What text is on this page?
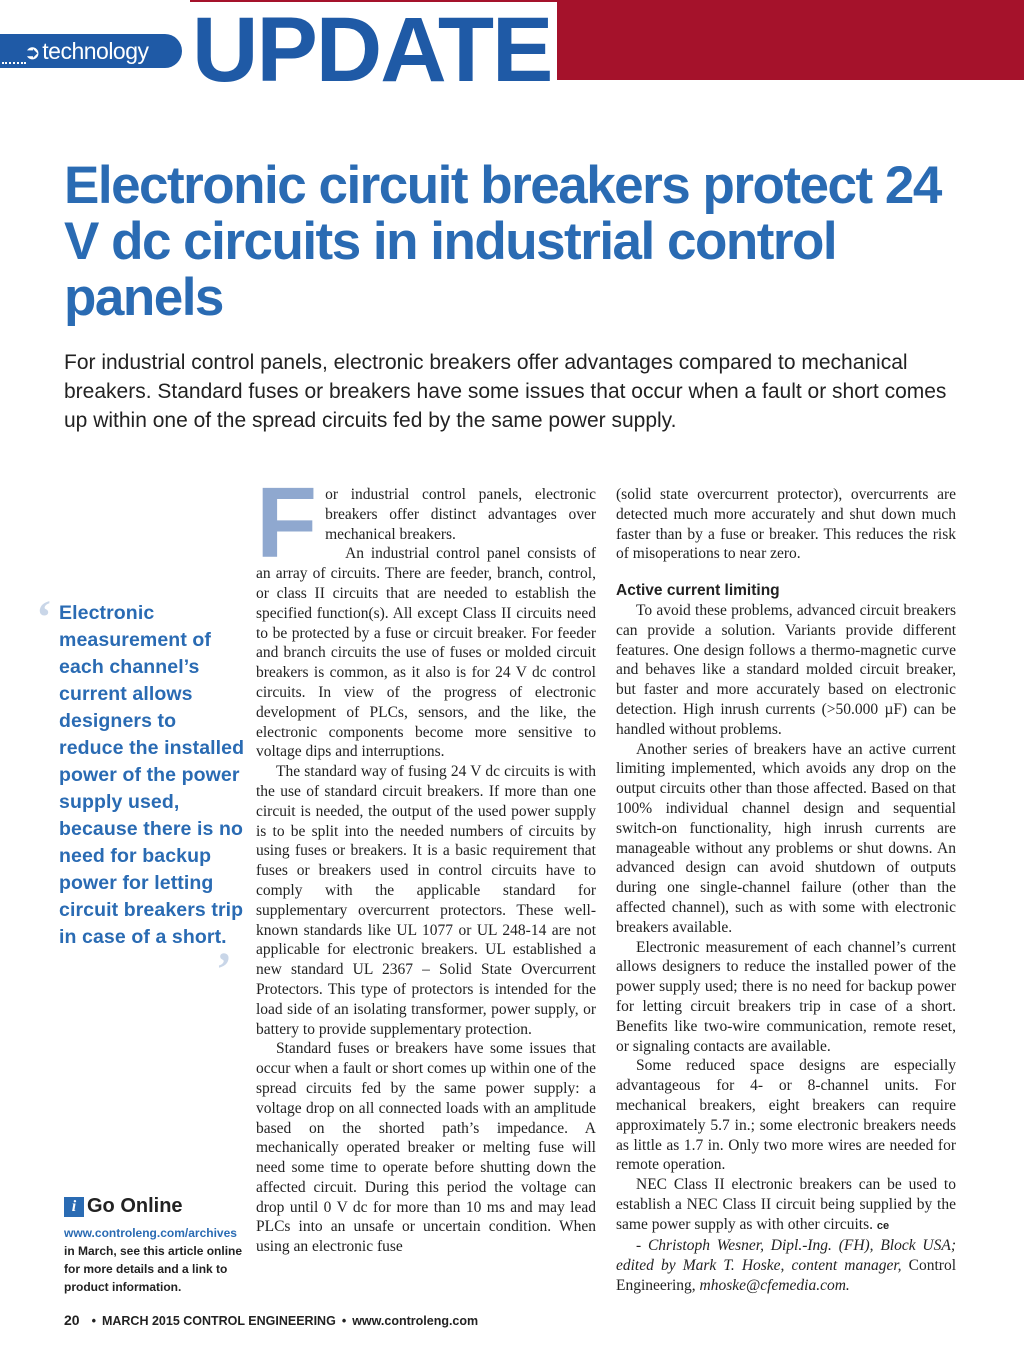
➲technology UPDATE
Electronic circuit breakers protect 24 V dc circuits in industrial control panels

For industrial control panels, electronic breakers offer advantages compared to mechanical breakers. Standard fuses or breakers have some issues that occur when a fault or short comes up within one of the spread circuits fed by the same power supply.

‘ Electronic measurement of each channel’s current allows designers to reduce the installed power of the power supply used, because there is no need for backup power for letting circuit breakers trip in case of a short.

’
i Go Online
www.controleng.com/archives
in March, see this article online for more details and a link to product information.
F or industrial control panels, electronic breakers offer distinct advantages over mechanical breakers.

An industrial control panel consists of an array of circuits. There are feeder, branch, control, or class II circuits that are needed to establish the specified function(s). All except Class II circuits need to be protected by a fuse or circuit breaker. For feeder and branch circuits the use of fuses or molded circuit breakers is common, as it also is for 24 V dc control circuits. In view of the progress of electronic development of PLCs, sensors, and the like, the electronic components become more sensitive to voltage dips and interruptions.

The standard way of fusing 24 V dc circuits is with the use of standard circuit breakers. If more than one circuit is needed, the output of the used power supply is to be split into the needed numbers of circuits by using fuses or breakers. It is a basic requirement that fuses or breakers used in control circuits have to comply with the applicable standard for supplementary overcurrent protectors. These well-known standards like UL 1077 or UL 248-14 are not applicable for electronic breakers. UL established a new standard UL 2367 – Solid State Overcurrent Protectors. This type of protectors is intended for the load side of an isolating transformer, power supply, or battery to provide supplementary protection.

Standard fuses or breakers have some issues that occur when a fault or short comes up within one of the spread circuits fed by the same power supply: a voltage drop on all connected loads with an amplitude based on the shorted path’s impedance. A mechanically operated breaker or melting fuse will need some time to operate before shutting down the affected circuit. During this period the voltage can drop until 0 V dc for more than 10 ms and may lead PLCs into an unsafe or uncertain condition. When using an electronic fuse

(solid state overcurrent protector), overcurrents are detected much more accurately and shut down much faster than by a fuse or breaker. This reduces the risk of misoperations to near zero.

Active current limiting

To avoid these problems, advanced circuit breakers can provide a solution. Variants provide different features. One design follows a thermo-magnetic curve and behaves like a standard molded circuit breaker, but faster and more accurately based on electronic detection. High inrush currents (>50.000 µF) can be handled without problems.

Another series of breakers have an active current limiting implemented, which avoids any drop on the output circuits other than those affected. Based on that 100% individual channel design and sequential switch-on functionality, high inrush currents are manageable without any problems or shut downs. An advanced design can avoid shutdown of outputs during one single-channel failure (other than the affected channel), such as with some with electronic breakers available.

Electronic measurement of each channel’s current allows designers to reduce the installed power of the power supply used; there is no need for backup power for letting circuit breakers trip in case of a short. Benefits like two-wire communication, remote reset, or signaling contacts are available.

Some reduced space designs are especially advantageous for 4- or 8-channel units. For mechanical breakers, eight breakers can require approximately 5.7 in.; some electronic breakers needs as little as 1.7 in. Only two more wires are needed for remote operation.

NEC Class II electronic breakers can be used to establish a NEC Class II circuit being supplied by the same power supply as with other circuits. ce

- Christoph Wesner, Dipl.-Ing. (FH), Block USA; edited by Mark T. Hoske, content manager, Control Engineering, mhoske@cfemedia.com.

20 • MARCH 2015 CONTROL ENGINEERING • www.controleng.com
